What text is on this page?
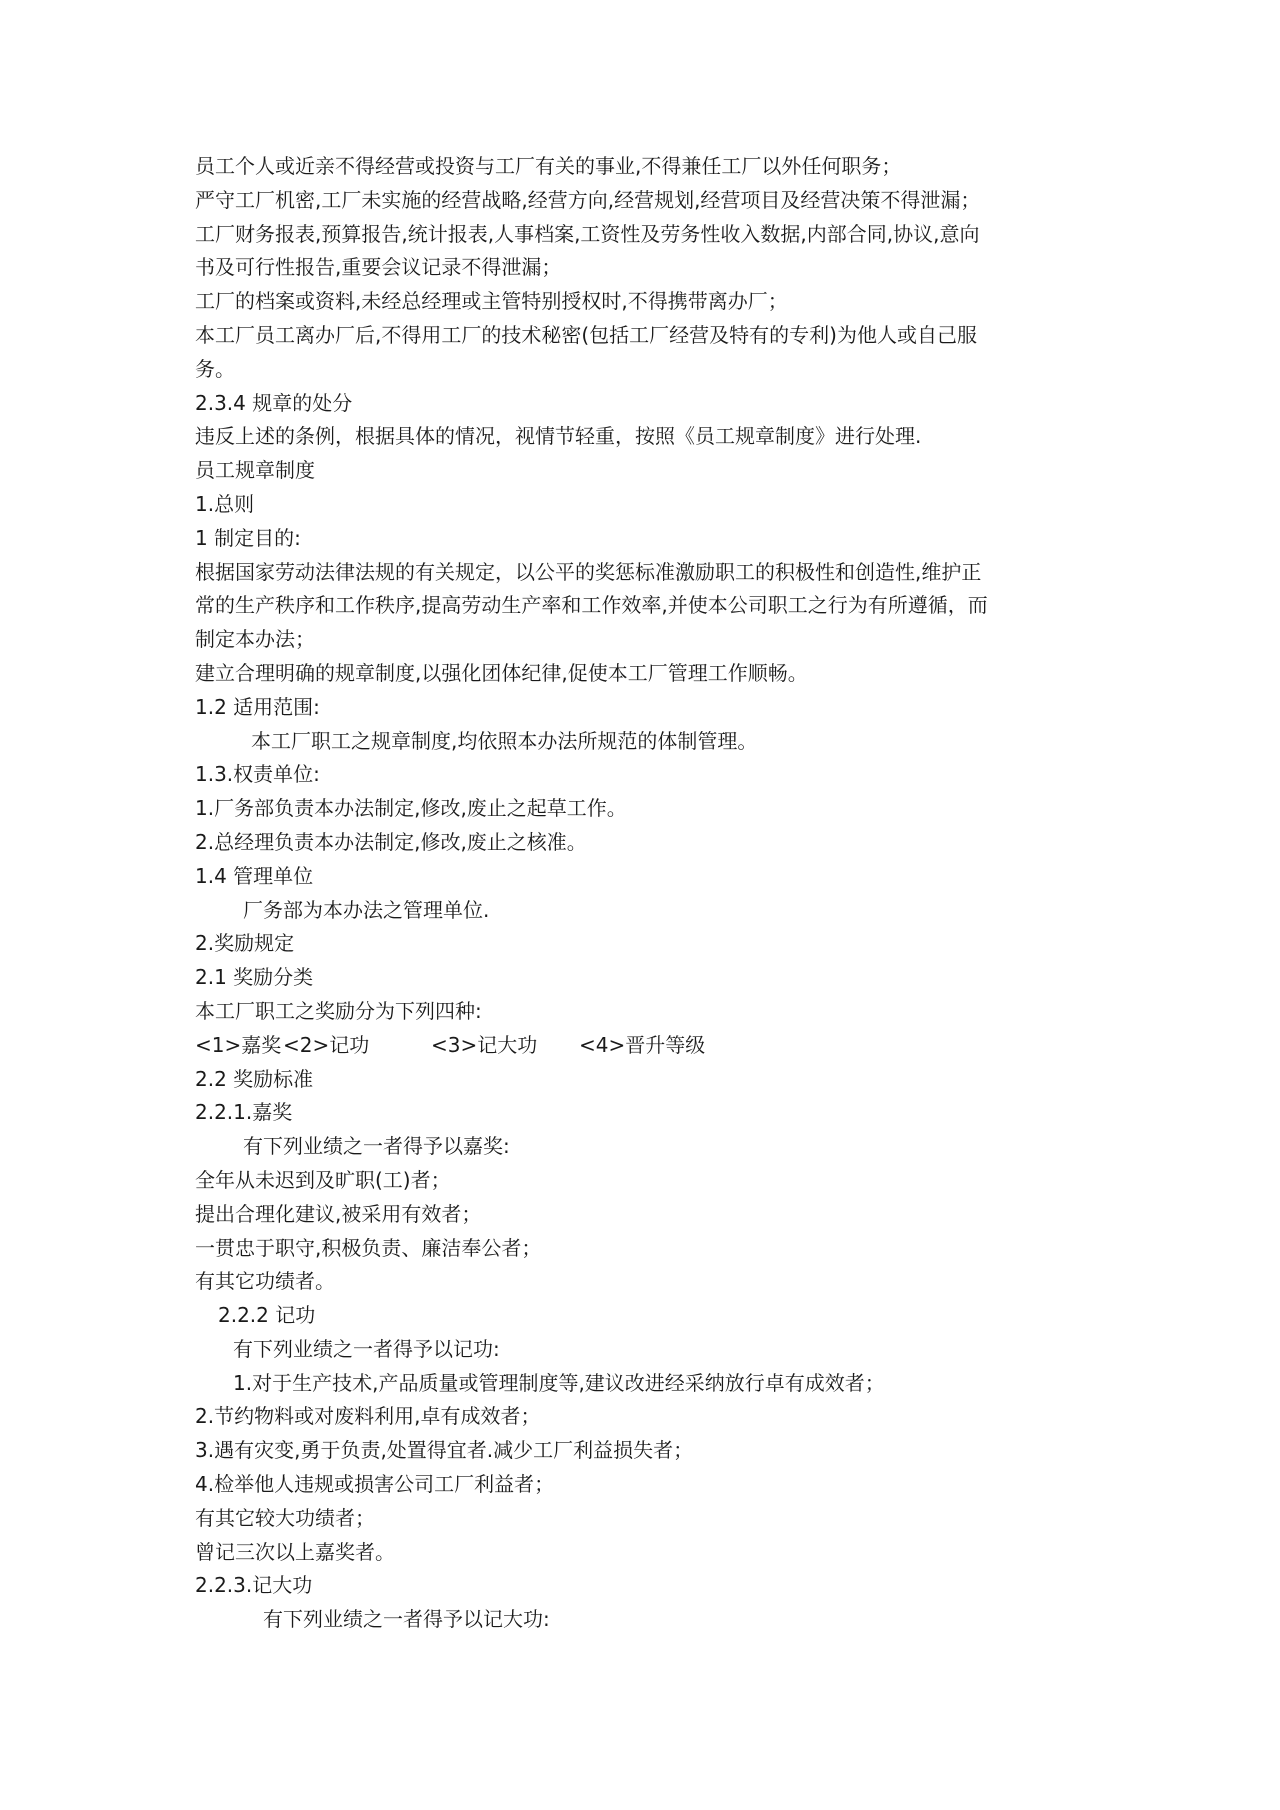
员工个人或近亲不得经营或投资与工厂有关的事业,不得兼任工厂以外任何职务；
严守工厂机密,工厂未实施的经营战略,经营方向,经营规划,经营项目及经营决策不得泄漏；
工厂财务报表,预算报告,统计报表,人事档案,工资性及劳务性收入数据,内部合同,协议,意向
书及可行性报告,重要会议记录不得泄漏；
工厂的档案或资料,未经总经理或主管特别授权时,不得携带离办厂；
本工厂员工离办厂后,不得用工厂的技术秘密(包括工厂经营及特有的专利)为他人或自己服
务。
2.3.4 规章的处分
违反上述的条例，根据具体的情况，视情节轻重，按照《员工规章制度》进行处理.
员工规章制度
1.总则
1 制定目的:
根据国家劳动法律法规的有关规定，以公平的奖惩标准激励职工的积极性和创造性,维护正
常的生产秩序和工作秩序,提高劳动生产率和工作效率,并使本公司职工之行为有所遵循，而
制定本办法；
建立合理明确的规章制度,以强化团体纪律,促使本工厂管理工作顺畅。
1.2 适用范围:
本工厂职工之规章制度,均依照本办法所规范的体制管理。
1.3.权责单位:
1.厂务部负责本办法制定,修改,废止之起草工作。
2.总经理负责本办法制定,修改,废止之核准。
1.4 管理单位
厂务部为本办法之管理单位.
2.奖励规定
2.1 奖励分类
本工厂职工之奖励分为下列四种:
<1>嘉奖<2>记功	<3>记大功 <4>晋升等级
2.2 奖励标准
2.2.1.嘉奖
有下列业绩之一者得予以嘉奖:
全年从未迟到及旷职(工)者；
提出合理化建议,被采用有效者；
一贯忠于职守,积极负责、廉洁奉公者；
有其它功绩者。
2.2.2 记功
有下列业绩之一者得予以记功:
1.对于生产技术,产品质量或管理制度等,建议改进经采纳放行卓有成效者；
2.节约物料或对废料利用,卓有成效者；
3.遇有灾变,勇于负责,处置得宜者.减少工厂利益损失者；
4.检举他人违规或损害公司工厂利益者；
有其它较大功绩者；
曾记三次以上嘉奖者。
2.2.3.记大功
有下列业绩之一者得予以记大功:
